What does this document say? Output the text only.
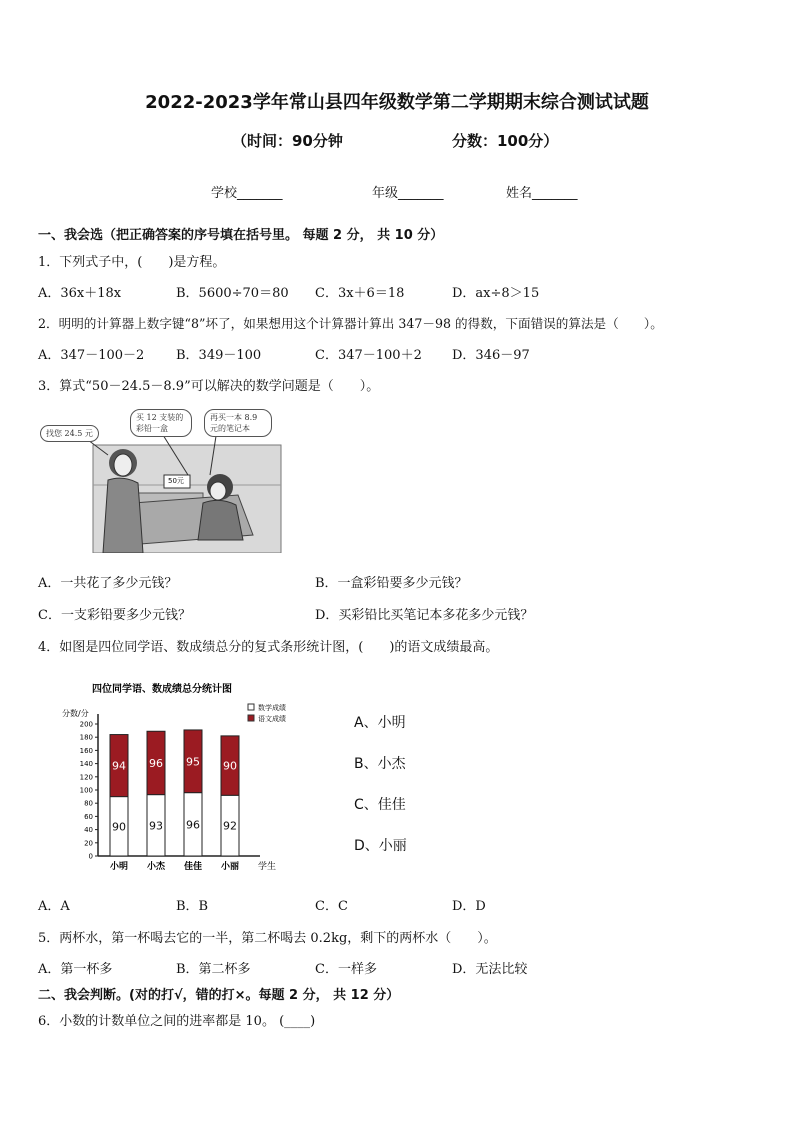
2022-2023学年常山县四年级数学第二学期期末综合测试试题
（时间：90分钟	分数：100分）
学校_______	年级_______	姓名_______
一、我会选（把正确答案的序号填在括号里。 每题 2 分， 共 10 分）
1．下列式子中，(　　)是方程。
A．36x＋18x	B．5600÷70＝80 C．3x＋6＝18	D．ax÷8＞15
2．明明的计算器上数字键“8”坏了，如果想用这个计算器计算出 347－98 的得数，下面错误的算法是（　　）。
A．347－100－2 B．349－100	C．347－100＋2 D．346－97
3．算式“50－24.5－8.9”可以解决的数学问题是（　　）。
找您 24.5 元
买 12 支装的 彩铅一盒
再买一本 8.9 元的笔记本
50元
A．一共花了多少元钱？	B．一盒彩铅要多少元钱？
C．一支彩铅要多少元钱？	D．买彩铅比买笔记本多花多少元钱？
4．如图是四位同学语、数成绩总分的复式条形统计图，(　　)的语文成绩最高。
四位同学语、数成绩总分统计图
分数/分
学生
数学成绩
语文成绩
0
20
40
60
80
100
120
140
160
180
200
90
94
小明
93
96
小杰
96
95
佳佳
92
90
小丽
A、小明
B、小杰
C、佳佳
D、小丽
A．A	B．B	C．C	D．D
5．两杯水，第一杯喝去它的一半，第二杯喝去 0.2kg，剩下的两杯水（　　）。
A．第一杯多	B．第二杯多	C．一样多	D．无法比较
二、我会判断。(对的打√，错的打×。每题 2 分， 共 12 分）
6．小数的计数单位之间的进率都是 10。 (____)
